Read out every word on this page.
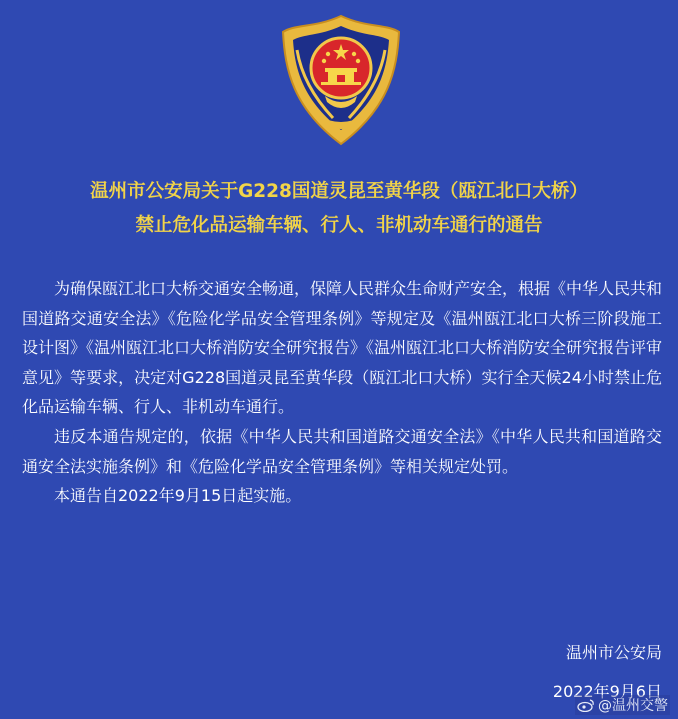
温州市公安局关于G228国道灵昆至黄华段（瓯江北口大桥）
禁止危化品运输车辆、行人、非机动车通行的通告

为确保瓯江北口大桥交通安全畅通，保障人民群众生命财产安全，根据《中华人民共和国道路交通安全法》《危险化学品安全管理条例》等规定及《温州瓯江北口大桥三阶段施工设计图》《温州瓯江北口大桥消防安全研究报告》《温州瓯江北口大桥消防安全研究报告评审意见》等要求，决定对G228国道灵昆至黄华段（瓯江北口大桥）实行全天候24小时禁止危化品运输车辆、行人、非机动车通行。

违反本通告规定的，依据《中华人民共和国道路交通安全法》《中华人民共和国道路交通安全法实施条例》和《危险化学品安全管理条例》等相关规定处罚。

本通告自2022年9月15日起实施。

温州市公安局
2022年9月6日
@温州交警
